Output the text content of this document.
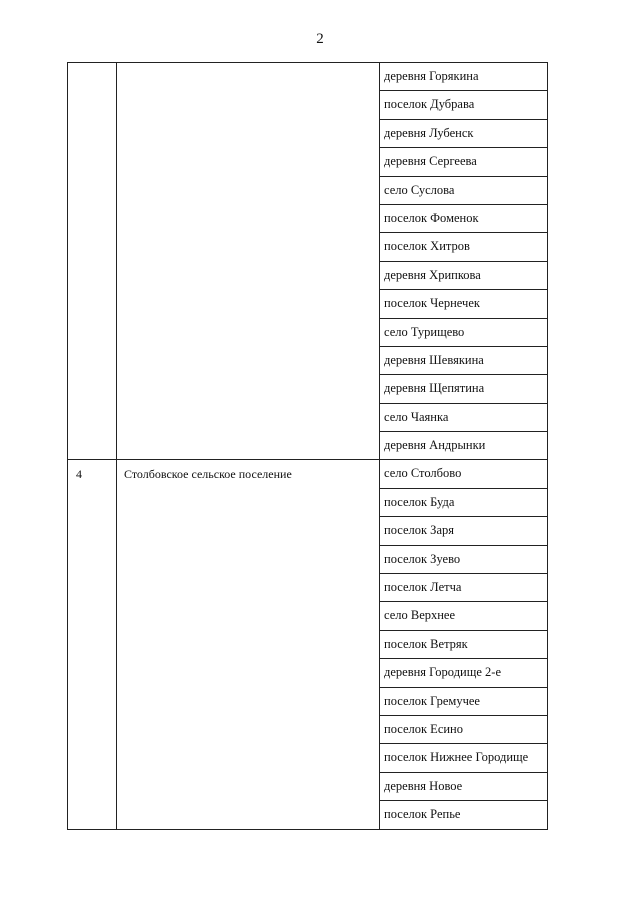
2
деревня Горякина
поселок Дубрава
деревня Лубенск
деревня Сергеева
село Суслова
поселок Фоменок
поселок Хитров
деревня Хрипкова
поселок Чернечек
село Турищево
деревня Шевякина
деревня Щепятина
село Чаянка
деревня Андрынки
4	Столбовское сельское поселение	село Столбово
поселок Буда
поселок Заря
поселок Зуево
поселок Летча
село Верхнее
поселок Ветряк
деревня Городище 2-е
поселок Гремучее
поселок Есино
поселок Нижнее Городище
деревня Новое
поселок Репье
